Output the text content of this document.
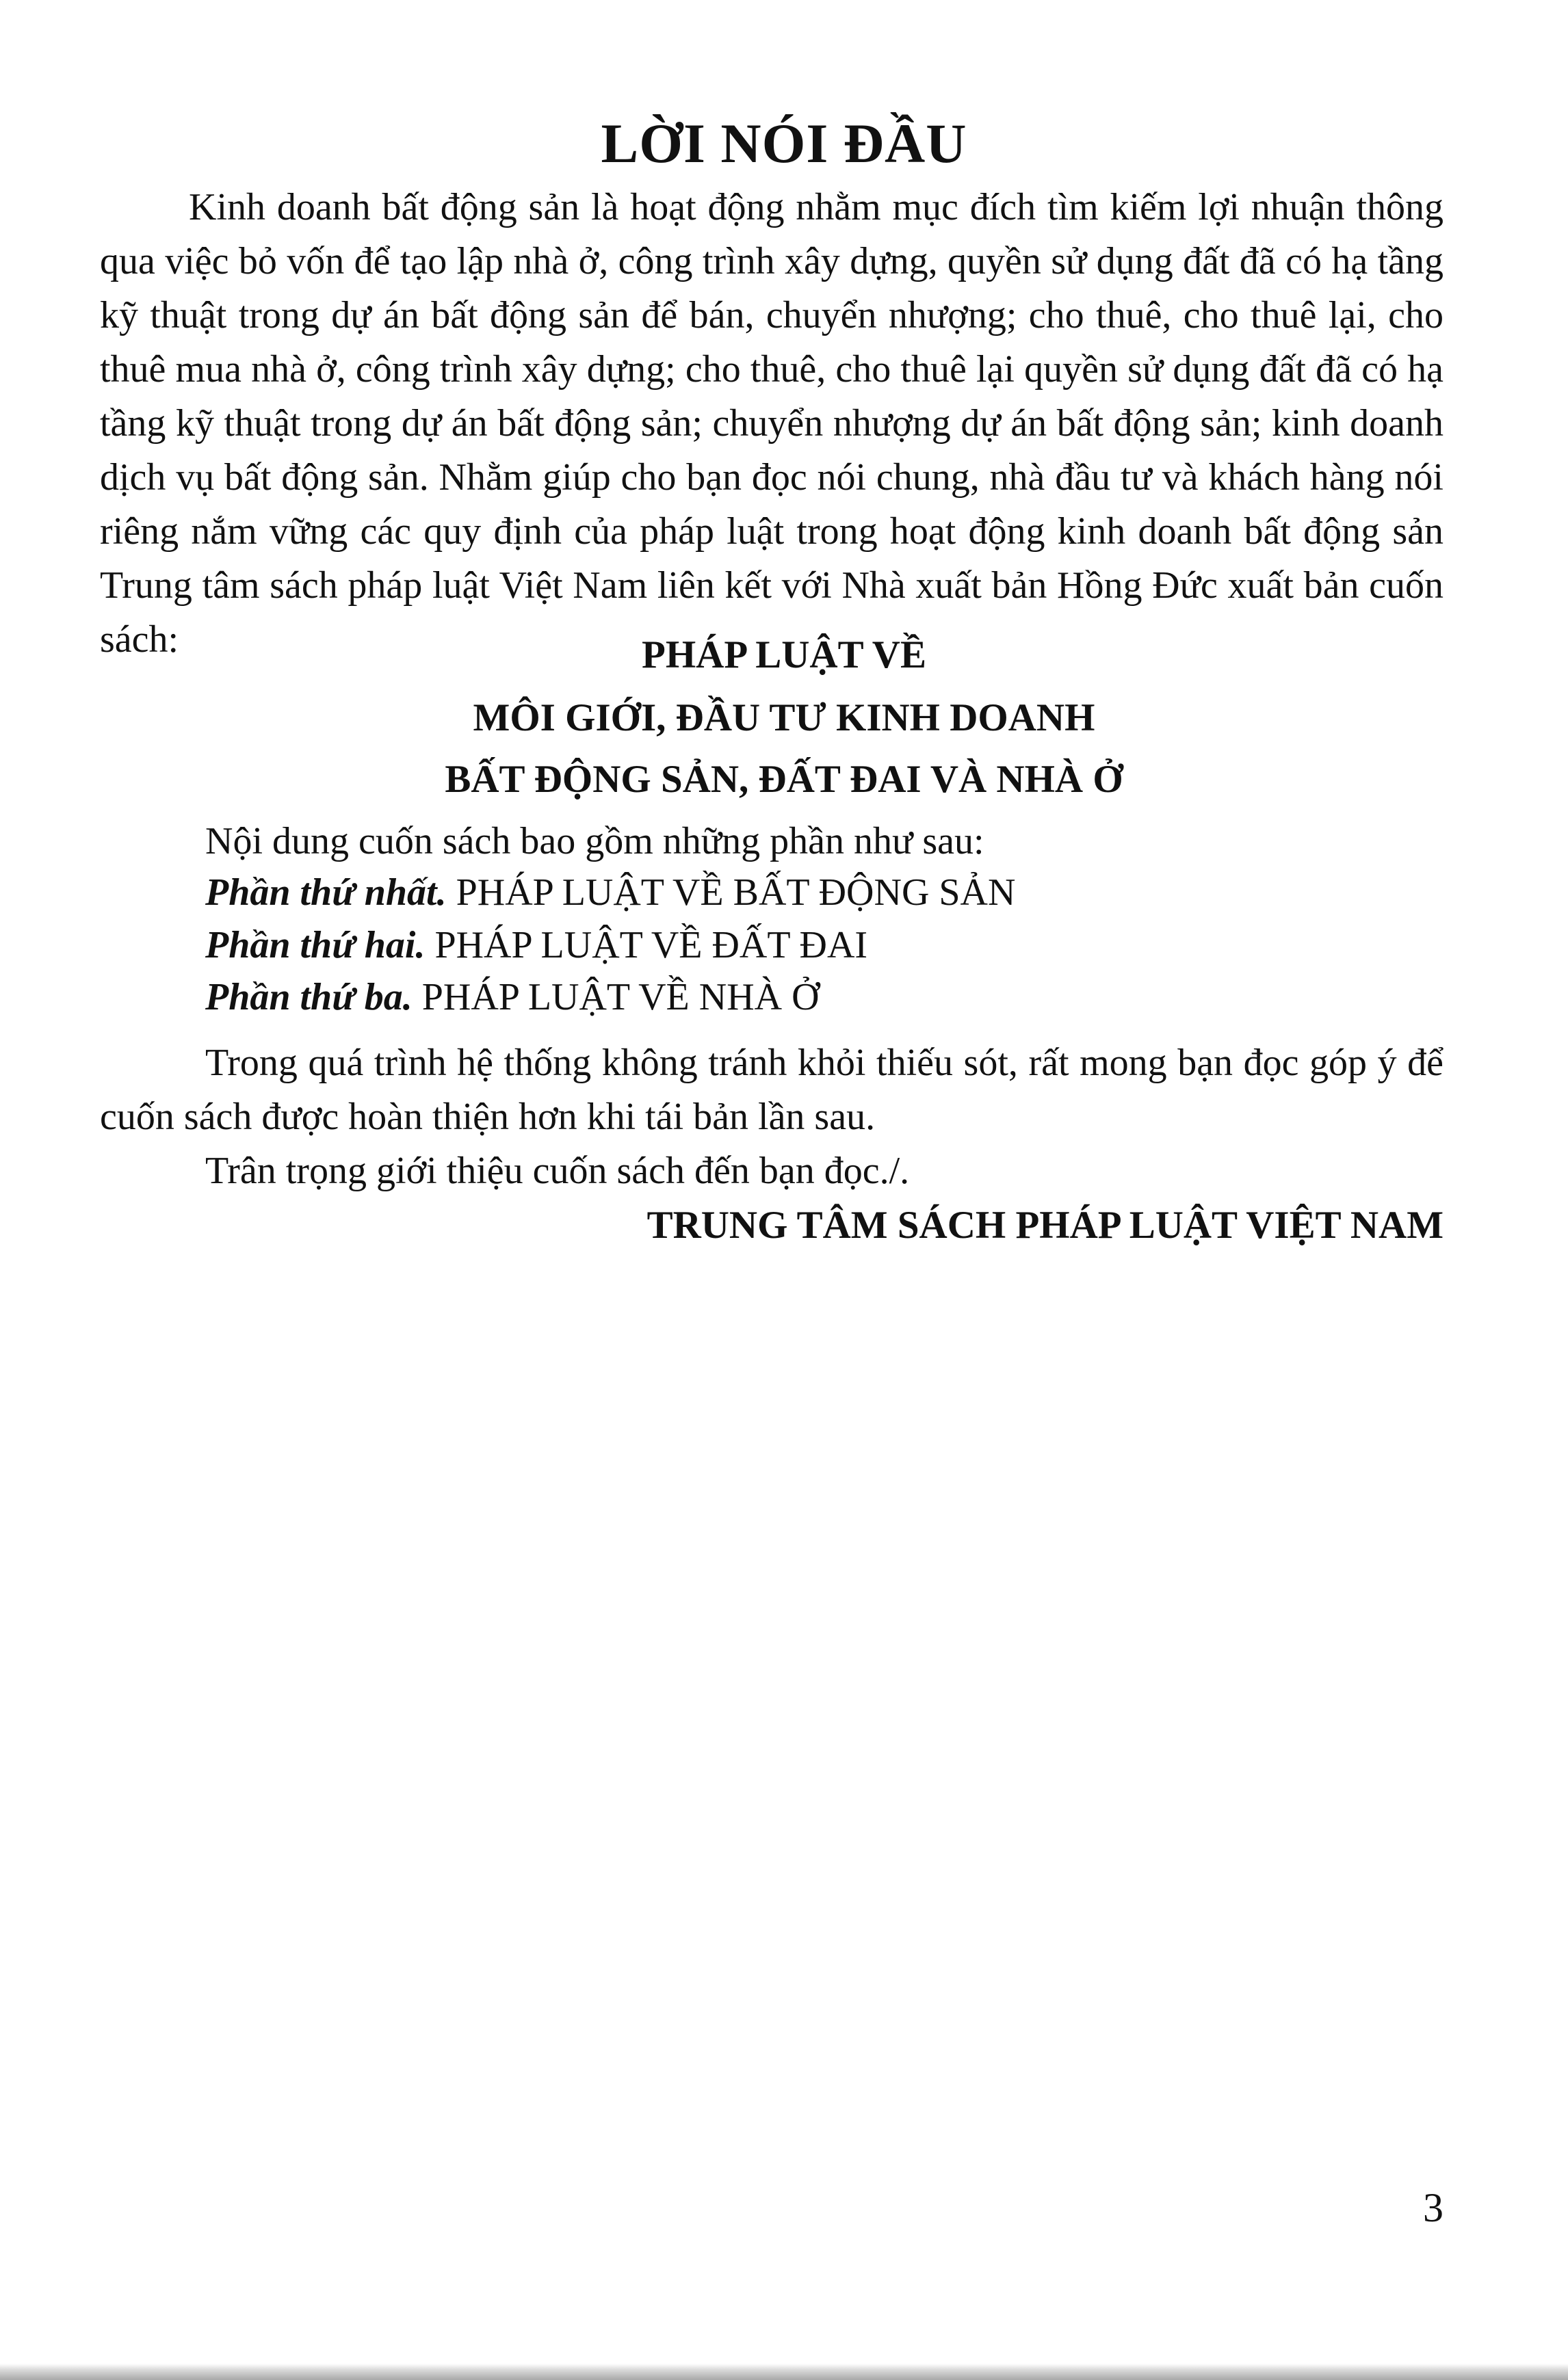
LỜI NÓI ĐẦU
Kinh doanh bất động sản là hoạt động nhằm mục đích tìm kiếm lợi nhuận thông qua việc bỏ vốn để tạo lập nhà ở, công trình xây dựng, quyền sử dụng đất đã có hạ tầng kỹ thuật trong dự án bất động sản để bán, chuyển nhượng; cho thuê, cho thuê lại, cho thuê mua nhà ở, công trình xây dựng; cho thuê, cho thuê lại quyền sử dụng đất đã có hạ tầng kỹ thuật trong dự án bất động sản; chuyển nhượng dự án bất động sản; kinh doanh dịch vụ bất động sản. Nhằm giúp cho bạn đọc nói chung, nhà đầu tư và khách hàng nói riêng nắm vững các quy định của pháp luật trong hoạt động kinh doanh bất động sản Trung tâm sách pháp luật Việt Nam liên kết với Nhà xuất bản Hồng Đức xuất bản cuốn sách:	PHÁP LUẬT VỀ
MÔI GIỚI, ĐẦU TƯ KINH DOANH
BẤT ĐỘNG SẢN, ĐẤT ĐAI VÀ NHÀ Ở
Nội dung cuốn sách bao gồm những phần như sau:
Phần thứ nhất. PHÁP LUẬT VỀ BẤT ĐỘNG SẢN
Phần thứ hai. PHÁP LUẬT VỀ ĐẤT ĐAI
Phần thứ ba. PHÁP LUẬT VỀ NHÀ Ở
Trong quá trình hệ thống không tránh khỏi thiếu sót, rất mong bạn đọc góp ý để cuốn sách được hoàn thiện hơn khi tái bản lần sau.
Trân trọng giới thiệu cuốn sách đến bạn đọc./.
TRUNG TÂM SÁCH PHÁP LUẬT VIỆT NAM
3
